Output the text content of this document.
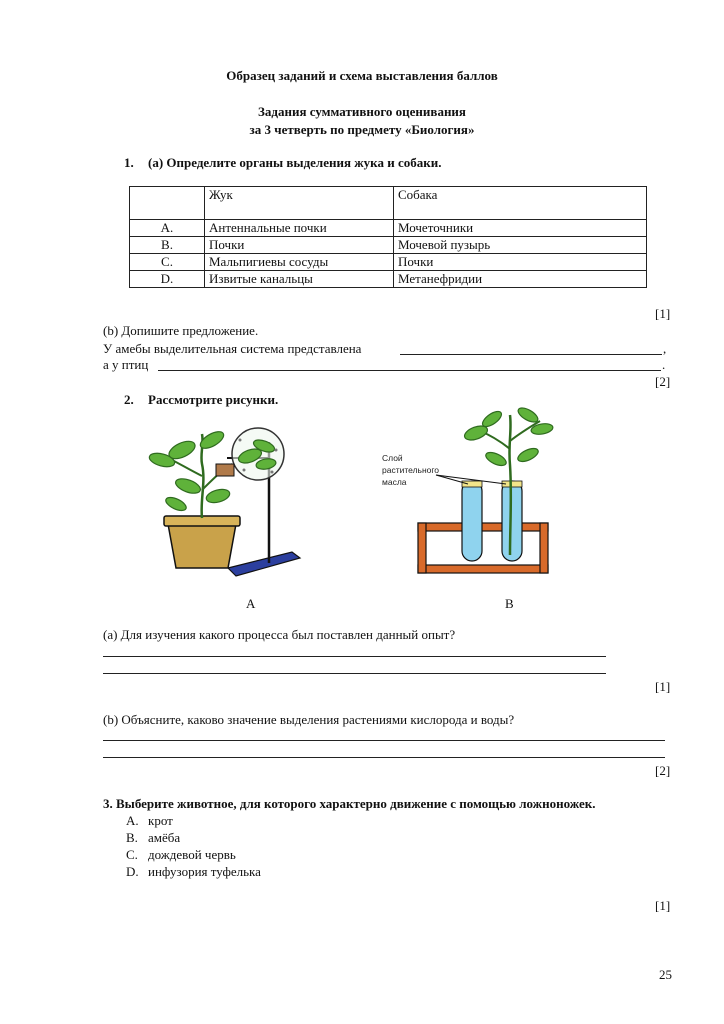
Образец заданий и схема выставления баллов
Задания суммативного оценивания
за 3 четверть по предмету «Биология»
1. (a) Определите органы выделения жука и собаки.
	Жук	Собака
A.	Антеннальные почки	Мочеточники
B.	Почки	Мочевой пузырь
C.	Мальпигиевы сосуды	Почки
D.	Извитые канальцы	Метанефридии
[1]
(b) Допишите предложение.
У амебы выделительная система представлена	,
а у птиц	.
[2]
2. Рассмотрите рисунки.
Слой
растительного
масла
A	B
(a) Для изучения какого процесса был поставлен данный опыт?
[1]
(b) Объясните, каково значение выделения растениями кислорода и воды?
[2]
3. Выберите животное, для которого характерно движение с помощью ложноножек.
A. крот
B. амёба
C. дождевой червь
D. инфузория туфелька
[1]
25
